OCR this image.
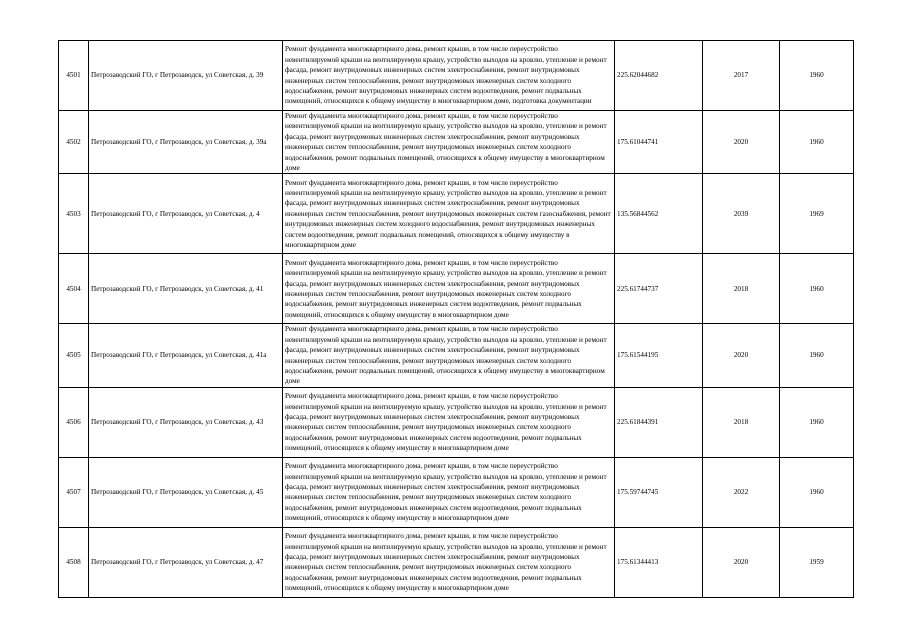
4501	Петрозаводский ГО, г Петрозаводск, ул Советская, д. 39	Ремонт фундамента многоквартирного дома, ремонт крыши, в том числе переустройство невентилируемой крыши на вентилируемую крышу, устройство выходов на кровлю, утепление и ремонт фасада, ремонт внутридомовых инженерных систем электроснабжения, ремонт внутридомовых инженерных систем теплоснабжения, ремонт внутридомовых инженерных систем холодного водоснабжения, ремонт внутридомовых инженерных систем водоотведения, ремонт подвальных помещений, относящихся к общему имуществу в многоквартирном доме, подготовка документации	225.62044682	2017	1960
4502	Петрозаводский ГО, г Петрозаводск, ул Советская, д. 39а	Ремонт фундамента многоквартирного дома, ремонт крыши, в том числе переустройство невентилируемой крыши на вентилируемую крышу, устройство выходов на кровлю, утепление и ремонт фасада, ремонт внутридомовых инженерных систем электроснабжения, ремонт внутридомовых инженерных систем теплоснабжения, ремонт внутридомовых инженерных систем холодного водоснабжения, ремонт подвальных помещений, относящихся к общему имуществу в многоквартирном доме	175.61044741	2020	1960
4503	Петрозаводский ГО, г Петрозаводск, ул Советская, д. 4	Ремонт фундамента многоквартирного дома, ремонт крыши, в том числе переустройство невентилируемой крыши на вентилируемую крышу, устройство выходов на кровлю, утепление и ремонт фасада, ремонт внутридомовых инженерных систем электроснабжения, ремонт внутридомовых инженерных систем теплоснабжения, ремонт внутридомовых инженерных систем газоснабжения, ремонт внутридомовых инженерных систем холодного водоснабжения, ремонт внутридомовых инженерных систем водоотведения, ремонт подвальных помещений, относящихся к общему имуществу в многоквартирном доме	135.56844562	2039	1969
4504	Петрозаводский ГО, г Петрозаводск, ул Советская, д. 41	Ремонт фундамента многоквартирного дома, ремонт крыши, в том числе переустройство невентилируемой крыши на вентилируемую крышу, устройство выходов на кровлю, утепление и ремонт фасада, ремонт внутридомовых инженерных систем электроснабжения, ремонт внутридомовых инженерных систем теплоснабжения, ремонт внутридомовых инженерных систем холодного водоснабжения, ремонт внутридомовых инженерных систем водоотведения, ремонт подвальных помещений, относящихся к общему имуществу в многоквартирном доме	225.61744737	2018	1960
4505	Петрозаводский ГО, г Петрозаводск, ул Советская, д. 41а	Ремонт фундамента многоквартирного дома, ремонт крыши, в том числе переустройство невентилируемой крыши на вентилируемую крышу, устройство выходов на кровлю, утепление и ремонт фасада, ремонт внутридомовых инженерных систем электроснабжения, ремонт внутридомовых инженерных систем теплоснабжения, ремонт внутридомовых инженерных систем холодного водоснабжения, ремонт подвальных помещений, относящихся к общему имуществу в многоквартирном доме	175.61544195	2020	1960
4506	Петрозаводский ГО, г Петрозаводск, ул Советская, д. 43	Ремонт фундамента многоквартирного дома, ремонт крыши, в том числе переустройство невентилируемой крыши на вентилируемую крышу, устройство выходов на кровлю, утепление и ремонт фасада, ремонт внутридомовых инженерных систем электроснабжения, ремонт внутридомовых инженерных систем теплоснабжения, ремонт внутридомовых инженерных систем холодного водоснабжения, ремонт внутридомовых инженерных систем водоотведения, ремонт подвальных помещений, относящихся к общему имуществу в многоквартирном доме	225.61844391	2018	1960
4507	Петрозаводский ГО, г Петрозаводск, ул Советская, д. 45	Ремонт фундамента многоквартирного дома, ремонт крыши, в том числе переустройство невентилируемой крыши на вентилируемую крышу, устройство выходов на кровлю, утепление и ремонт фасада, ремонт внутридомовых инженерных систем электроснабжения, ремонт внутридомовых инженерных систем теплоснабжения, ремонт внутридомовых инженерных систем холодного водоснабжения, ремонт внутридомовых инженерных систем водоотведения, ремонт подвальных помещений, относящихся к общему имуществу в многоквартирном доме	175.59744745	2022	1960
4508	Петрозаводский ГО, г Петрозаводск, ул Советская, д. 47	Ремонт фундамента многоквартирного дома, ремонт крыши, в том числе переустройство невентилируемой крыши на вентилируемую крышу, устройство выходов на кровлю, утепление и ремонт фасада, ремонт внутридомовых инженерных систем электроснабжения, ремонт внутридомовых инженерных систем теплоснабжения, ремонт внутридомовых инженерных систем холодного водоснабжения, ремонт внутридомовых инженерных систем водоотведения, ремонт подвальных помещений, относящихся к общему имуществу в многоквартирном доме	175.61344413	2020	1959
